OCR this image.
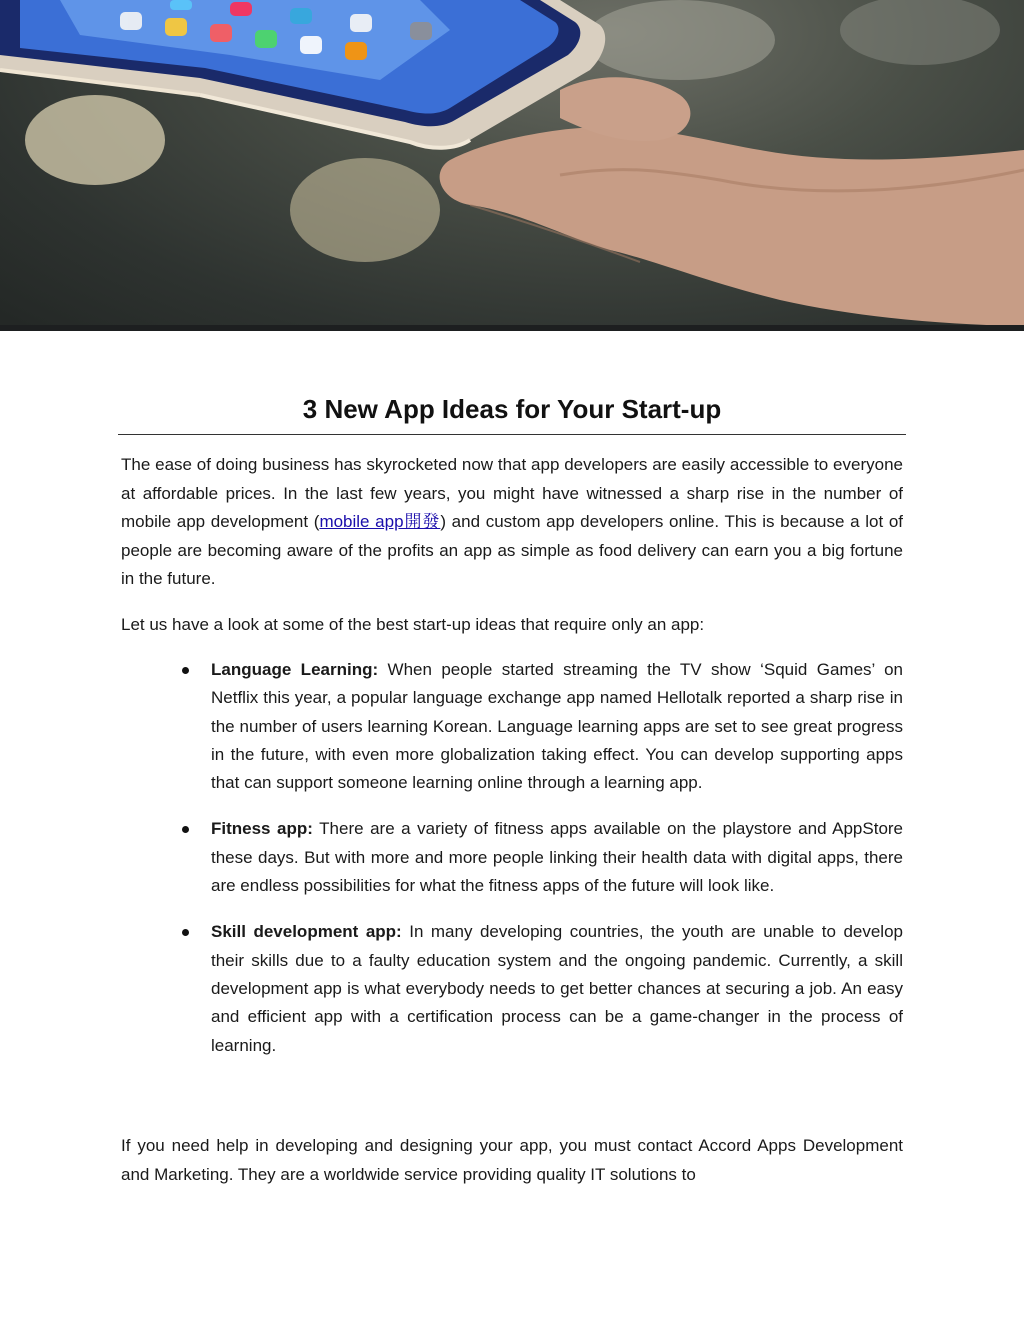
3 New App Ideas for Your Start-up

The ease of doing business has skyrocketed now that app developers are easily accessible to everyone at affordable prices. In the last few years, you might have witnessed a sharp rise in the number of mobile app development (mobile app開發) and custom app developers online. This is because a lot of people are becoming aware of the profits an app as simple as food delivery can earn you a big fortune in the future.

Let us have a look at some of the best start-up ideas that require only an app:

Language Learning: When people started streaming the TV show ‘Squid Games’ on Netflix this year, a popular language exchange app named Hellotalk reported a sharp rise in the number of users learning Korean. Language learning apps are set to see great progress in the future, with even more globalization taking effect. You can develop supporting apps that can support someone learning online through a learning app.
Fitness app: There are a variety of fitness apps available on the playstore and AppStore these days. But with more and more people linking their health data with digital apps, there are endless possibilities for what the fitness apps of the future will look like.
Skill development app: In many developing countries, the youth are unable to develop their skills due to a faulty education system and the ongoing pandemic. Currently, a skill development app is what everybody needs to get better chances at securing a job. An easy and efficient app with a certification process can be a game-changer in the process of learning.

If you need help in developing and designing your app, you must contact Accord Apps Development and Marketing. They are a worldwide service providing quality IT solutions to
